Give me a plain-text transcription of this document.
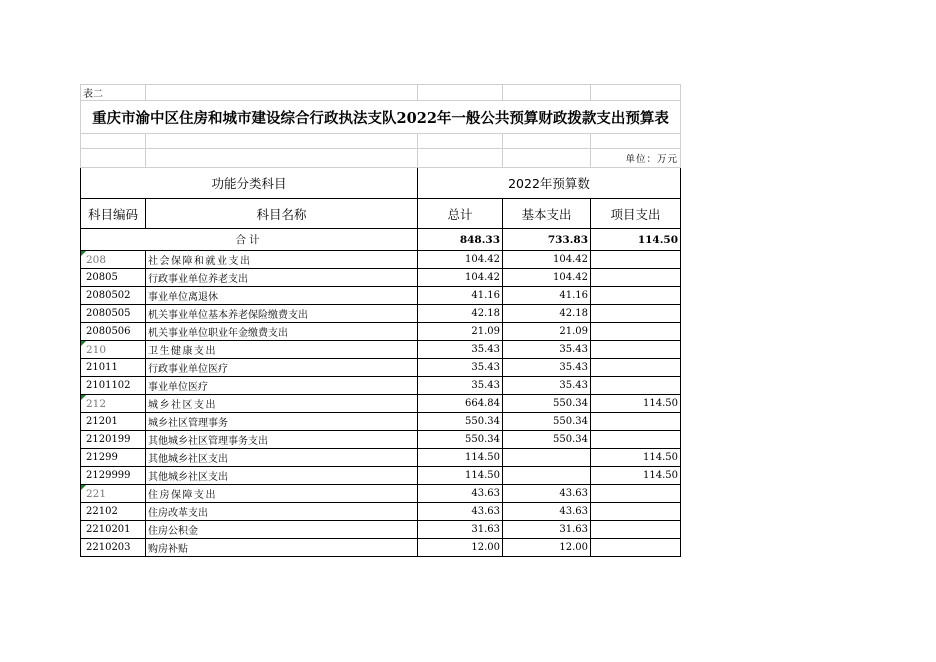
表二				
重庆市渝中区住房和城市建设综合行政执法支队2022年一般公共预算财政拨款支出预算表				

				单位：万元
功能分类科目		2022年预算数		
科目编码	科目名称	总计	基本支出	项目支出
合计		848.33	733.83	114.50

208	社会保障和就业支出	104.42	104.42	
20805	行政事业单位养老支出	104.42	104.42	
2080502	事业单位离退休	41.16	41.16	
2080505	机关事业单位基本养老保险缴费支出	42.18	42.18	
2080506	机关事业单位职业年金缴费支出	21.09	21.09	

210	卫生健康支出	35.43	35.43	
21011	行政事业单位医疗	35.43	35.43	
2101102	事业单位医疗	35.43	35.43	

212	城乡社区支出	664.84	550.34	114.50
21201	城乡社区管理事务	550.34	550.34	
2120199	其他城乡社区管理事务支出	550.34	550.34	
21299	其他城乡社区支出	114.50		114.50
2129999	其他城乡社区支出	114.50		114.50

221	住房保障支出	43.63	43.63	
22102	住房改革支出	43.63	43.63	
2210201	住房公积金	31.63	31.63	
2210203	购房补贴	12.00	12.00	
